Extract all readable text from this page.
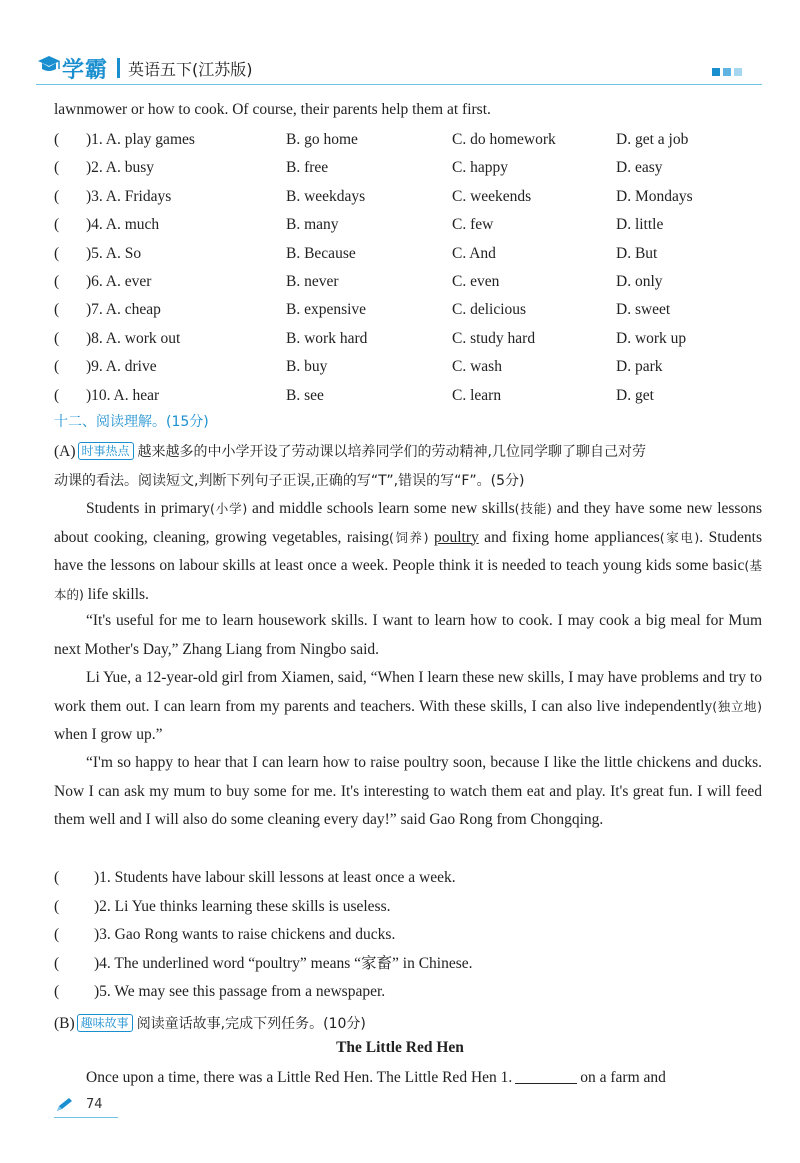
学霸 英语五下(江苏版)
lawnmower or how to cook. Of course, their parents help them at first.
( )1. A. play games	B. go home	C. do homework	D. get a job
( )2. A. busy	B. free	C. happy	D. easy
( )3. A. Fridays	B. weekdays	C. weekends	D. Mondays
( )4. A. much	B. many	C. few	D. little
( )5. A. So	B. Because	C. And	D. But
( )6. A. ever	B. never	C. even	D. only
( )7. A. cheap	B. expensive	C. delicious	D. sweet
( )8. A. work out	B. work hard	C. study hard	D. work up
( )9. A. drive	B. buy	C. wash	D. park
( )10. A. hear	B. see	C. learn	D. get
十二、阅读理解。(15分)
(A) 时事热点 越来越多的中小学开设了劳动课以培养同学们的劳动精神,几位同学聊了聊自己对劳
动课的看法。阅读短文,判断下列句子正误,正确的写“T”,错误的写“F”。(5分)
Students in primary(小学) and middle schools learn some new skills(技能) and they have some new lessons about cooking, cleaning, growing vegetables, raising(饲养) poultry and fixing home appliances(家电). Students have the lessons on labour skills at least once a week. People think it is needed to teach young kids some basic(基本的) life skills.
“It's useful for me to learn housework skills. I want to learn how to cook. I may cook a big meal for Mum next Mother's Day,” Zhang Liang from Ningbo said.
Li Yue, a 12-year-old girl from Xiamen, said, “When I learn these new skills, I may have problems and try to work them out. I can learn from my parents and teachers. With these skills, I can also live independently(独立地) when I grow up.”
“I'm so happy to hear that I can learn how to raise poultry soon, because I like the little chickens and ducks. Now I can ask my mum to buy some for me. It's interesting to watch them eat and play. It's great fun. I will feed them well and I will also do some cleaning every day!” said Gao Rong from Chongqing.
( )1. Students have labour skill lessons at least once a week.
( )2. Li Yue thinks learning these skills is useless.
( )3. Gao Rong wants to raise chickens and ducks.
( )4. The underlined word “poultry” means “家畜” in Chinese.
( )5. We may see this passage from a newspaper.
(B) 趣味故事 阅读童话故事,完成下列任务。(10分)
The Little Red Hen
Once upon a time, there was a Little Red Hen. The Little Red Hen 1.	on a farm and
74
